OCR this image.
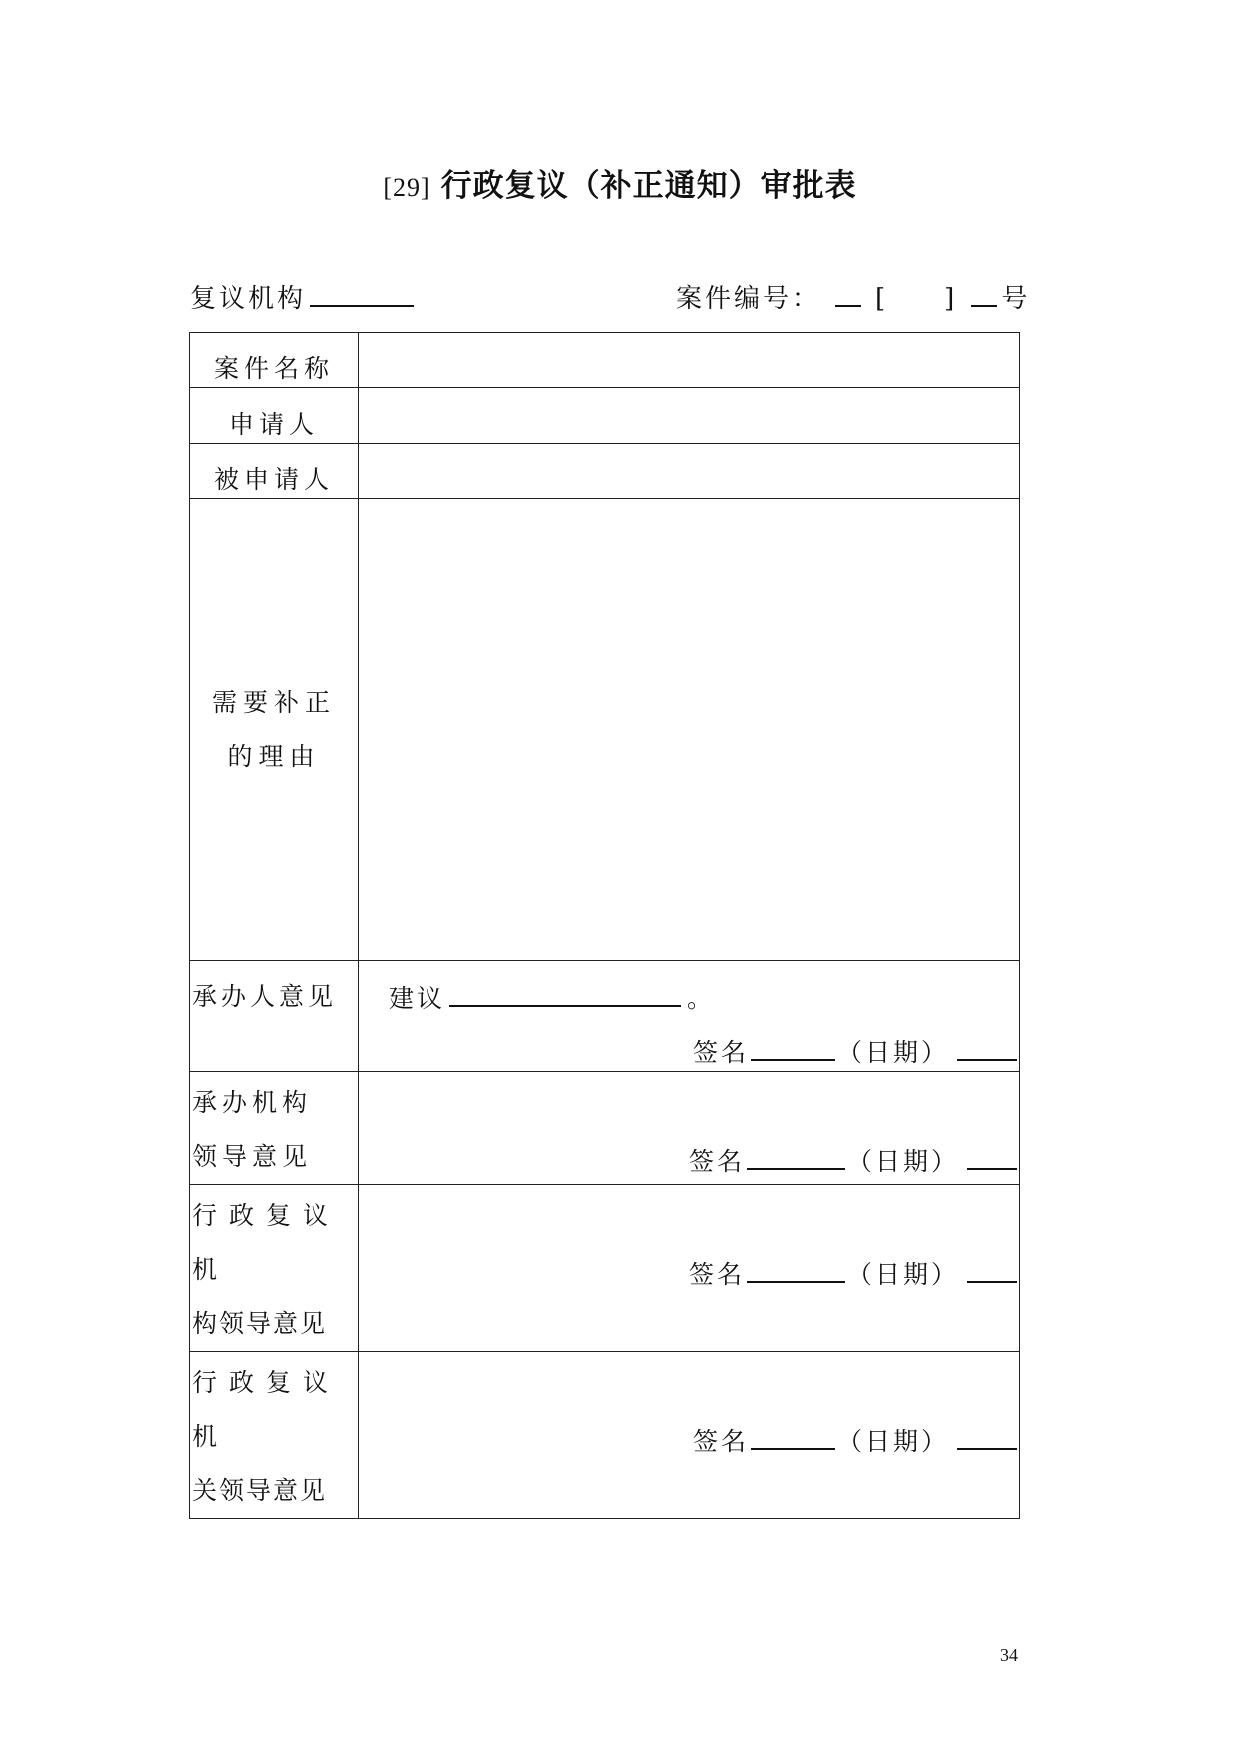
[29] 行政复议（补正通知）审批表
复议机构	案件编号： [ ] 号
案件名称	
申请人	
被申请人	

需要补正
的理由	

承办人意见	建议 。
签名 （日期）

承办机构
领导意见	签名 （日期）

行 政 复 议 机
构领导意见	签名 （日期）

行 政 复 议 机
关领导意见	签名 （日期）
34
